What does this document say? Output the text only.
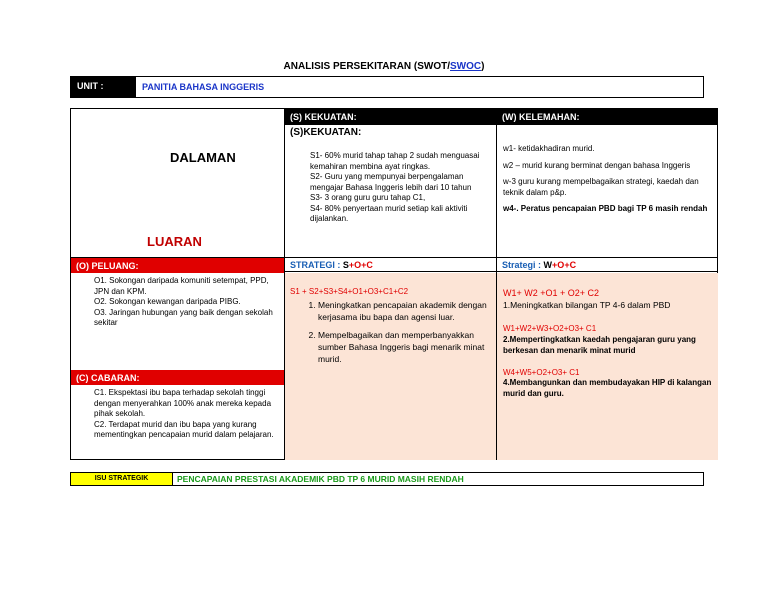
ANALISIS PERSEKITARAN (SWOT/SWOC)
UNIT :	PANITIA BAHASA INGGERIS
DALAMAN
LUARAN
(S) KEKUATAN:
(S)KEKUATAN:
S1- 60% murid tahap tahap 2 sudah menguasai kemahiran membina ayat ringkas.
S2- Guru yang mempunyai berpengalaman mengajar Bahasa Inggeris lebih dari 10 tahun
S3- 3 orang guru guru tahap C1,
S4- 80% penyertaan murid setiap kali aktiviti dijalankan.
(W) KELEMAHAN:
w1- ketidakhadiran murid.
w2 – murid kurang berminat dengan bahasa Inggeris
w-3 guru kurang mempelbagaikan strategi, kaedah dan teknik dalam p&p.
w4-. Peratus pencapaian PBD bagi TP 6 masih rendah
(O) PELUANG:
O1. Sokongan daripada komuniti setempat, PPD, JPN dan KPM.
O2. Sokongan kewangan daripada PIBG.
O3. Jaringan hubungan yang baik dengan sekolah sekitar
(C) CABARAN:
C1. Ekspektasi ibu bapa terhadap sekolah tinggi dengan menyerahkan 100% anak mereka kepada pihak sekolah.
C2. Terdapat murid dan ibu bapa yang kurang mementingkan pencapaian murid dalam pelajaran.
STRATEGI : S+O+C
S1 + S2+S3+S4+O1+O3+C1+C2
1. Meningkatkan pencapaian akademik dengan kerjasama ibu bapa dan agensi luar.
2. Mempelbagaikan dan memperbanyakkan sumber Bahasa Inggeris bagi menarik minat murid.
Strategi : W+O+C
W1+ W2 +O1 + O2+ C2
1.Meningkatkan bilangan TP 4-6 dalam PBD
W1+W2+W3+O2+O3+ C1
2.Mempertingkatkan kaedah pengajaran guru yang berkesan dan menarik minat murid
W4+W5+O2+O3+ C1
4.Membangunkan dan membudayakan HIP di kalangan murid dan guru.
ISU STRATEGIK	PENCAPAIAN PRESTASI AKADEMIK PBD TP 6 MURID MASIH RENDAH
